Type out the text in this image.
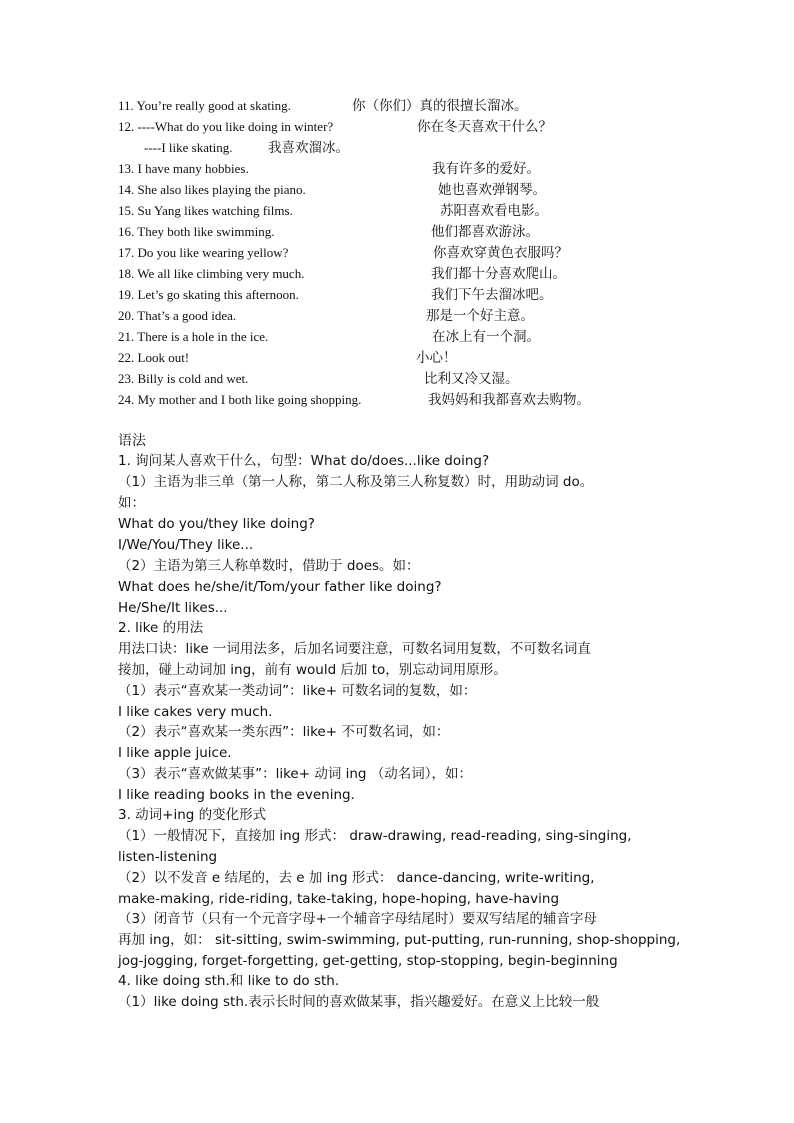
11. You’re really good at skating.	你（你们）真的很擅长溜冰。
12. ----What do you like doing in winter?	你在冬天喜欢干什么？
----I like skating.	我喜欢溜冰。
13. I have many hobbies.	我有许多的爱好。
14. She also likes playing the piano.	她也喜欢弹钢琴。
15. Su Yang likes watching films.	苏阳喜欢看电影。
16. They both like swimming.	他们都喜欢游泳。
17. Do you like wearing yellow?	你喜欢穿黄色衣服吗？
18. We all like climbing very much.	我们都十分喜欢爬山。
19. Let’s go skating this afternoon.	我们下午去溜冰吧。
20. That’s a good idea.	那是一个好主意。
21. There is a hole in the ice.	在冰上有一个洞。
22. Look out!	小心！
23. Billy is cold and wet.	比利又冷又湿。
24. My mother and I both like going shopping.	我妈妈和我都喜欢去购物。
语法
1. 询问某人喜欢干什么，句型：What do/does...like doing?
（1）主语为非三单（第一人称，第二人称及第三人称复数）时，用助动词 do。
如：
What do you/they like doing?
I/We/You/They like...
（2）主语为第三人称单数时，借助于 does。如：
What does he/she/it/Tom/your father like doing?
He/She/It likes...
2. like 的用法
用法口诀：like 一词用法多，后加名词要注意，可数名词用复数，不可数名词直
接加，碰上动词加 ing，前有 would 后加 to，别忘动词用原形。
（1）表示“喜欢某一类动词”：like+ 可数名词的复数，如：
I like cakes very much.
（2）表示“喜欢某一类东西”：like+ 不可数名词，如：
I like apple juice.
（3）表示“喜欢做某事”：like+ 动词 ing （动名词），如：
I like reading books in the evening.
3. 动词+ing 的变化形式
（1）一般情况下，直接加 ing 形式： draw-drawing, read-reading, sing-singing,
listen-listening
（2）以不发音 e 结尾的，去 e 加 ing 形式： dance-dancing, write-writing,
make-making, ride-riding, take-taking, hope-hoping, have-having
（3）闭音节（只有一个元音字母+一个辅音字母结尾时）要双写结尾的辅音字母
再加 ing，如： sit-sitting, swim-swimming, put-putting, run-running, shop-shopping,
jog-jogging, forget-forgetting, get-getting, stop-stopping, begin-beginning
4. like doing sth.和 like to do sth.
（1）like doing sth.表示长时间的喜欢做某事，指兴趣爱好。在意义上比较一般
